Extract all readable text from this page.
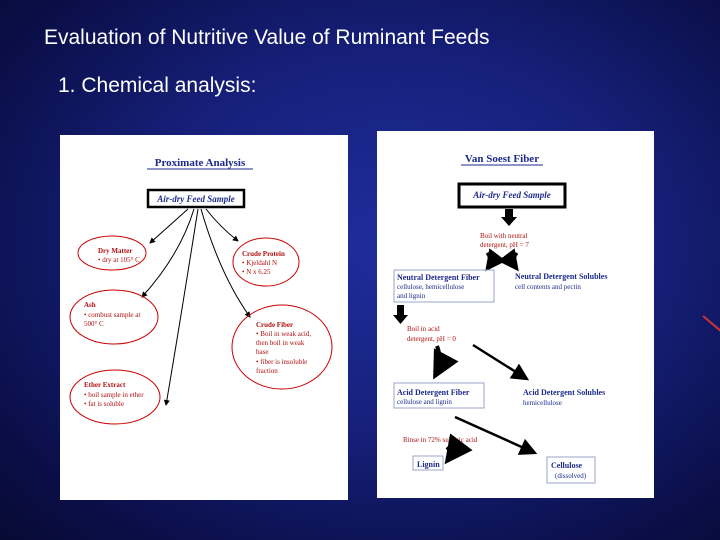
Evaluation of Nutritive Value of Ruminant Feeds
1. Chemical analysis:
Proximate Analysis
Air-dry Feed Sample
Dry Matter
• dry at 105° C
Crude Protein
• Kjeldahl N
• N x 6.25
Ash
• combust sample at
500° C	Crude Fiber
• Boil in weak acid,
then boil in weak
base
• fiber is insoluble
fraction
Ether Extract
• boil sample in ether
• fat is soluble
Van Soest Fiber
Air-dry Feed Sample
Boil with neutral
detergent, pH = 7
Neutral Detergent Fiber
cellulose, hemicellulose
and lignin
Neutral Detergent Solubles
cell contents and pectin
Boil in acid
detergent, pH = 0
Acid Detergent Fiber
cellulose and lignin
Acid Detergent Solubles
hemicellulose
Rinse in 72% sulfuric acid
Lignin	Cellulose
(dissolved)
